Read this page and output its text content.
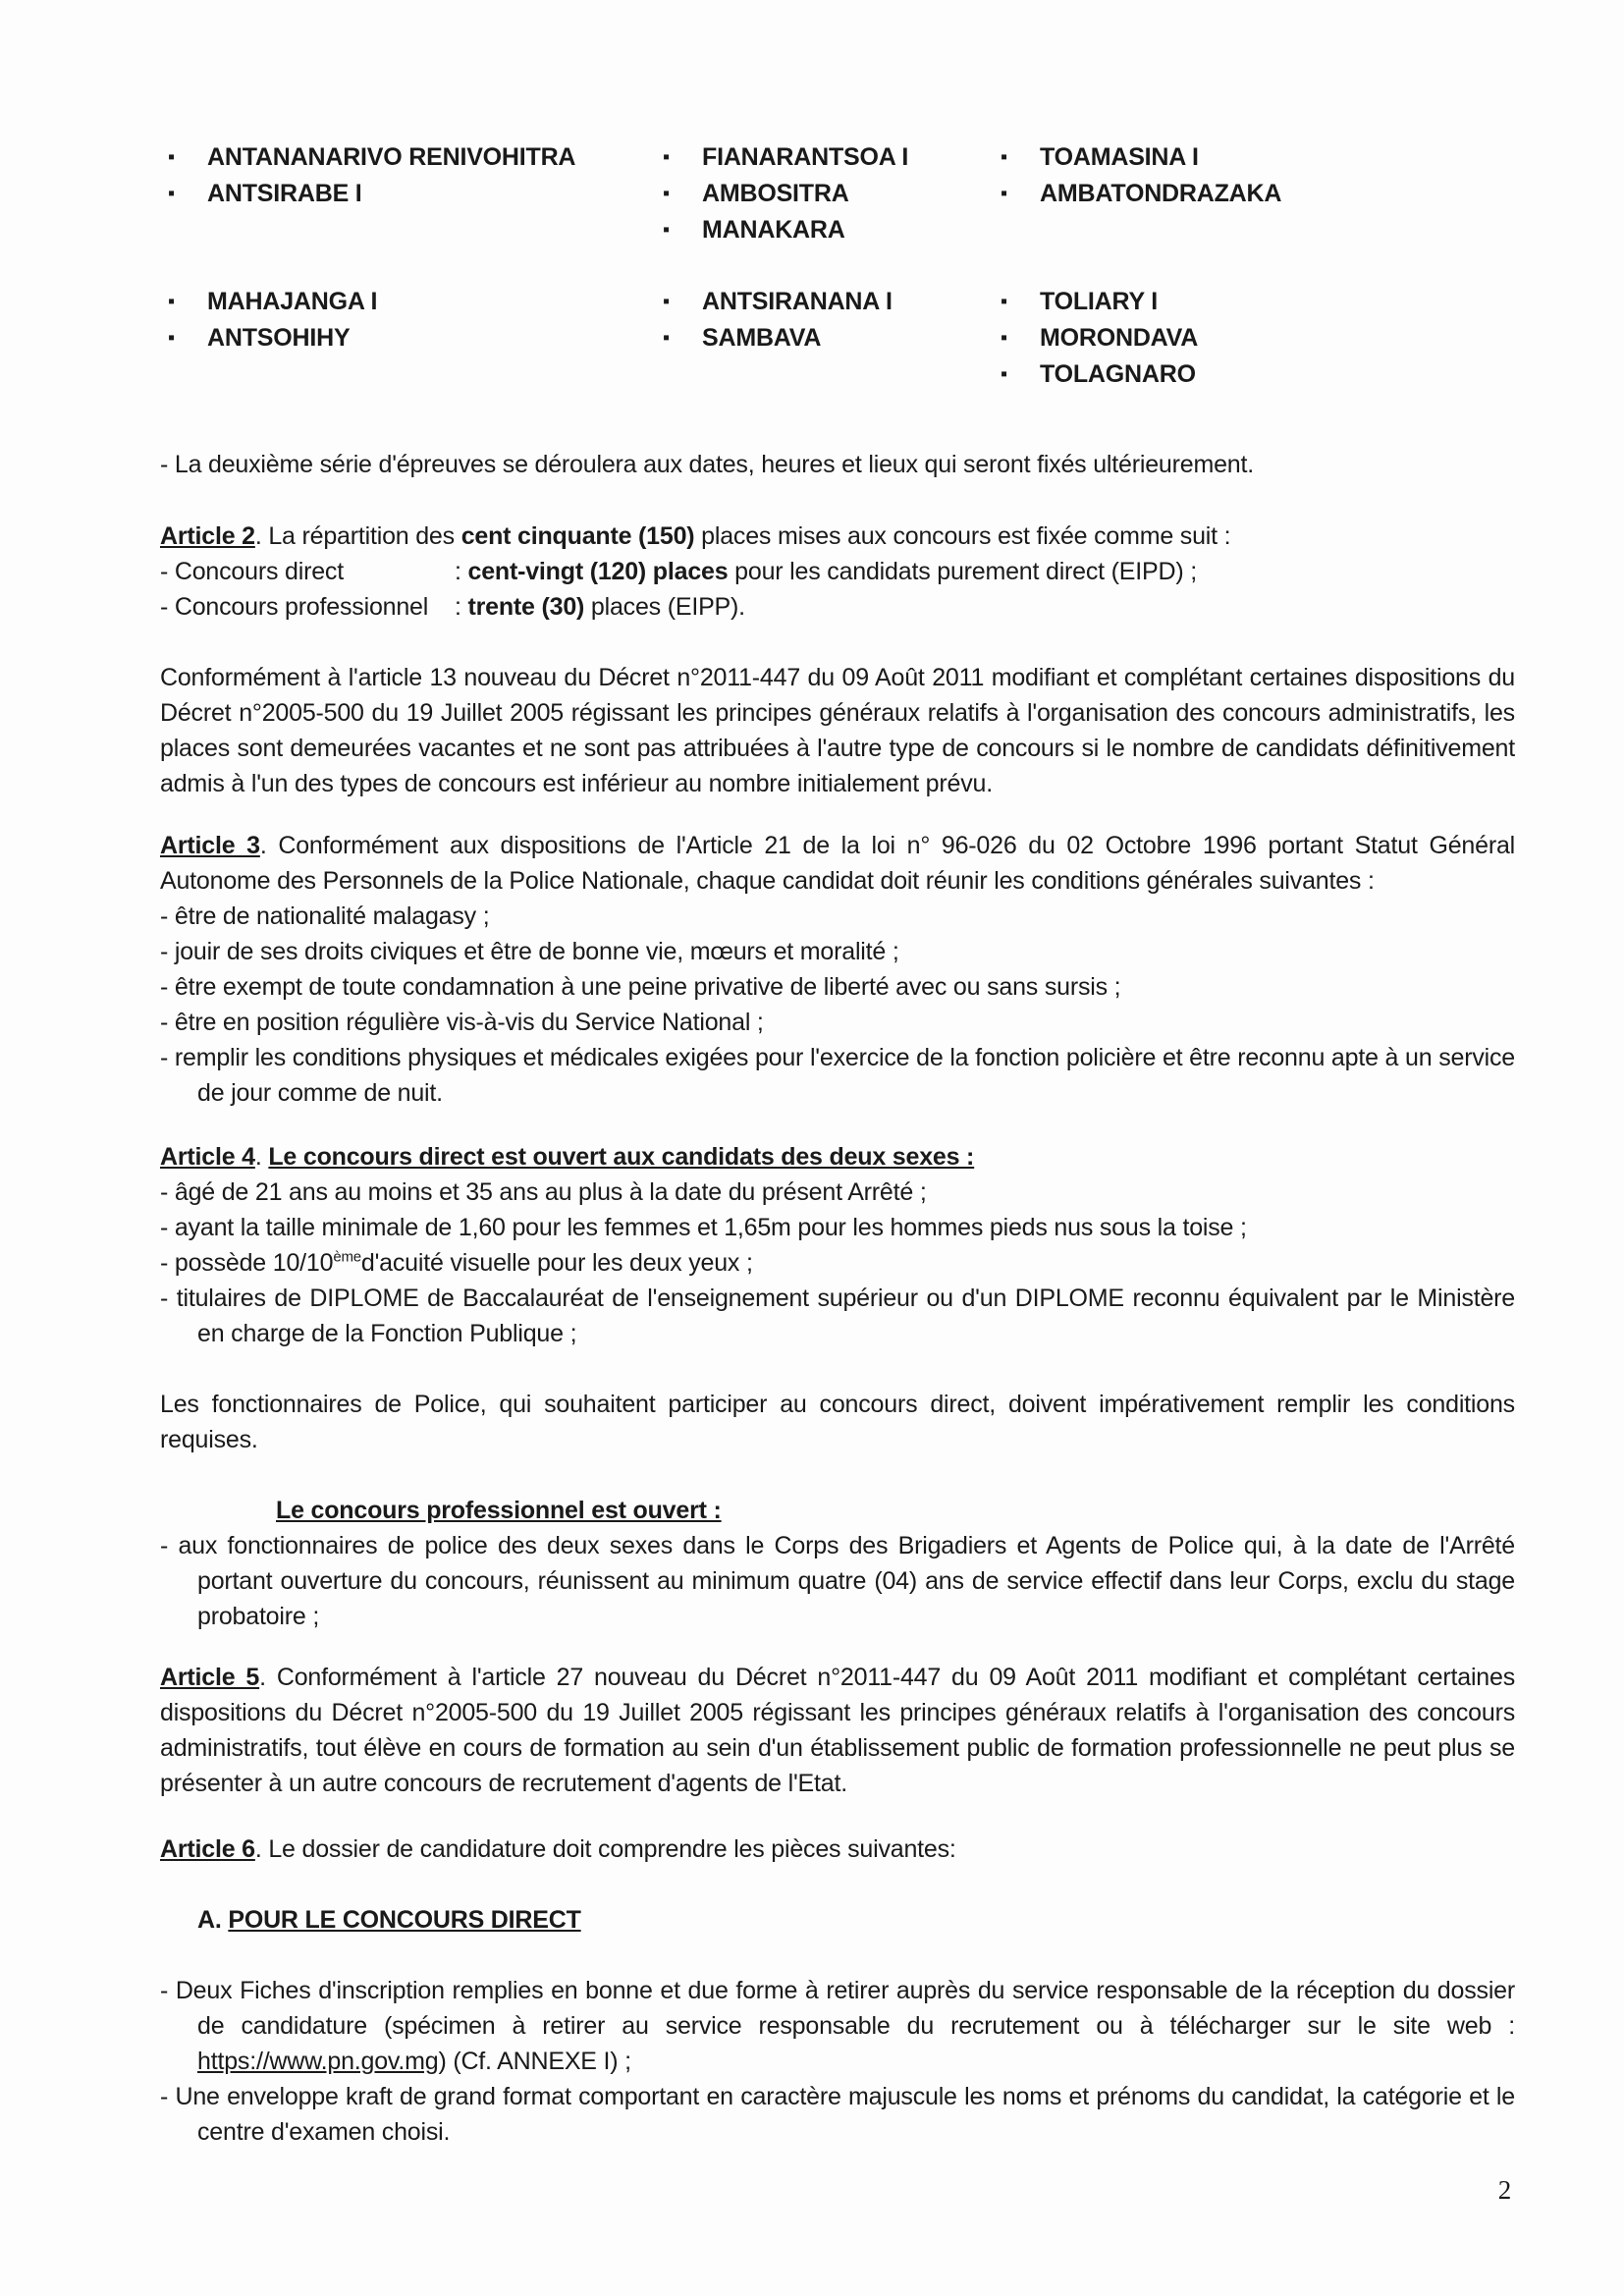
▪ ANTANANARIVO RENIVOHITRA
▪ ANTSIRABE I
▪ FIANARANTSOA I
▪ AMBOSITRA
▪ MANAKARA
▪ TOAMASINA I
▪ AMBATONDRAZAKA
▪ MAHAJANGA I
▪ ANTSOHIHY
▪ ANTSIRANANA I
▪ SAMBAVA
▪ TOLIARY I
▪ MORONDAVA
▪ TOLAGNARO

- La deuxième série d'épreuves se déroulera aux dates, heures et lieux qui seront fixés ultérieurement.

Article 2. La répartition des cent cinquante (150) places mises aux concours est fixée comme suit :

- Concours direct	: cent-vingt (120) places pour les candidats purement direct (EIPD) ;

- Concours professionnel : trente (30) places (EIPP).

Conformément à l'article 13 nouveau du Décret n°2011-447 du 09 Août 2011 modifiant et complétant certaines dispositions du Décret n°2005-500 du 19 Juillet 2005 régissant les principes généraux relatifs à l'organisation des concours administratifs, les places sont demeurées vacantes et ne sont pas attribuées à l'autre type de concours si le nombre de candidats définitivement admis à l'un des types de concours est inférieur au nombre initialement prévu.

Article 3. Conformément aux dispositions de l'Article 21 de la loi n° 96-026 du 02 Octobre 1996 portant Statut Général Autonome des Personnels de la Police Nationale, chaque candidat doit réunir les conditions générales suivantes :

- être de nationalité malagasy ;

- jouir de ses droits civiques et être de bonne vie, mœurs et moralité ;

- être exempt de toute condamnation à une peine privative de liberté avec ou sans sursis ;

- être en position régulière vis-à-vis du Service National ;

- remplir les conditions physiques et médicales exigées pour l'exercice de la fonction policière et être reconnu apte à un service de jour comme de nuit.

Article 4. Le concours direct est ouvert aux candidats des deux sexes :

- âgé de 21 ans au moins et 35 ans au plus à la date du présent Arrêté ;

- ayant la taille minimale de 1,60 pour les femmes et 1,65m pour les hommes pieds nus sous la toise ;

- possède 10/10èmed'acuité visuelle pour les deux yeux ;

- titulaires de DIPLOME de Baccalauréat de l'enseignement supérieur ou d'un DIPLOME reconnu équivalent par le Ministère en charge de la Fonction Publique ;

Les fonctionnaires de Police, qui souhaitent participer au concours direct, doivent impérativement remplir les conditions requises.

Le concours professionnel est ouvert :

- aux fonctionnaires de police des deux sexes dans le Corps des Brigadiers et Agents de Police qui, à la date de l'Arrêté portant ouverture du concours, réunissent au minimum quatre (04) ans de service effectif dans leur Corps, exclu du stage probatoire ;

Article 5. Conformément à l'article 27 nouveau du Décret n°2011-447 du 09 Août 2011 modifiant et complétant certaines dispositions du Décret n°2005-500 du 19 Juillet 2005 régissant les principes généraux relatifs à l'organisation des concours administratifs, tout élève en cours de formation au sein d'un établissement public de formation professionnelle ne peut plus se présenter à un autre concours de recrutement d'agents de l'Etat.

Article 6. Le dossier de candidature doit comprendre les pièces suivantes:

A. POUR LE CONCOURS DIRECT

- Deux Fiches d'inscription remplies en bonne et due forme à retirer auprès du service responsable de la réception du dossier de candidature (spécimen à retirer au service responsable du recrutement ou à télécharger sur le site web : https://www.pn.gov.mg) (Cf. ANNEXE I) ;

- Une enveloppe kraft de grand format comportant en caractère majuscule les noms et prénoms du candidat, la catégorie et le centre d'examen choisi.

2
